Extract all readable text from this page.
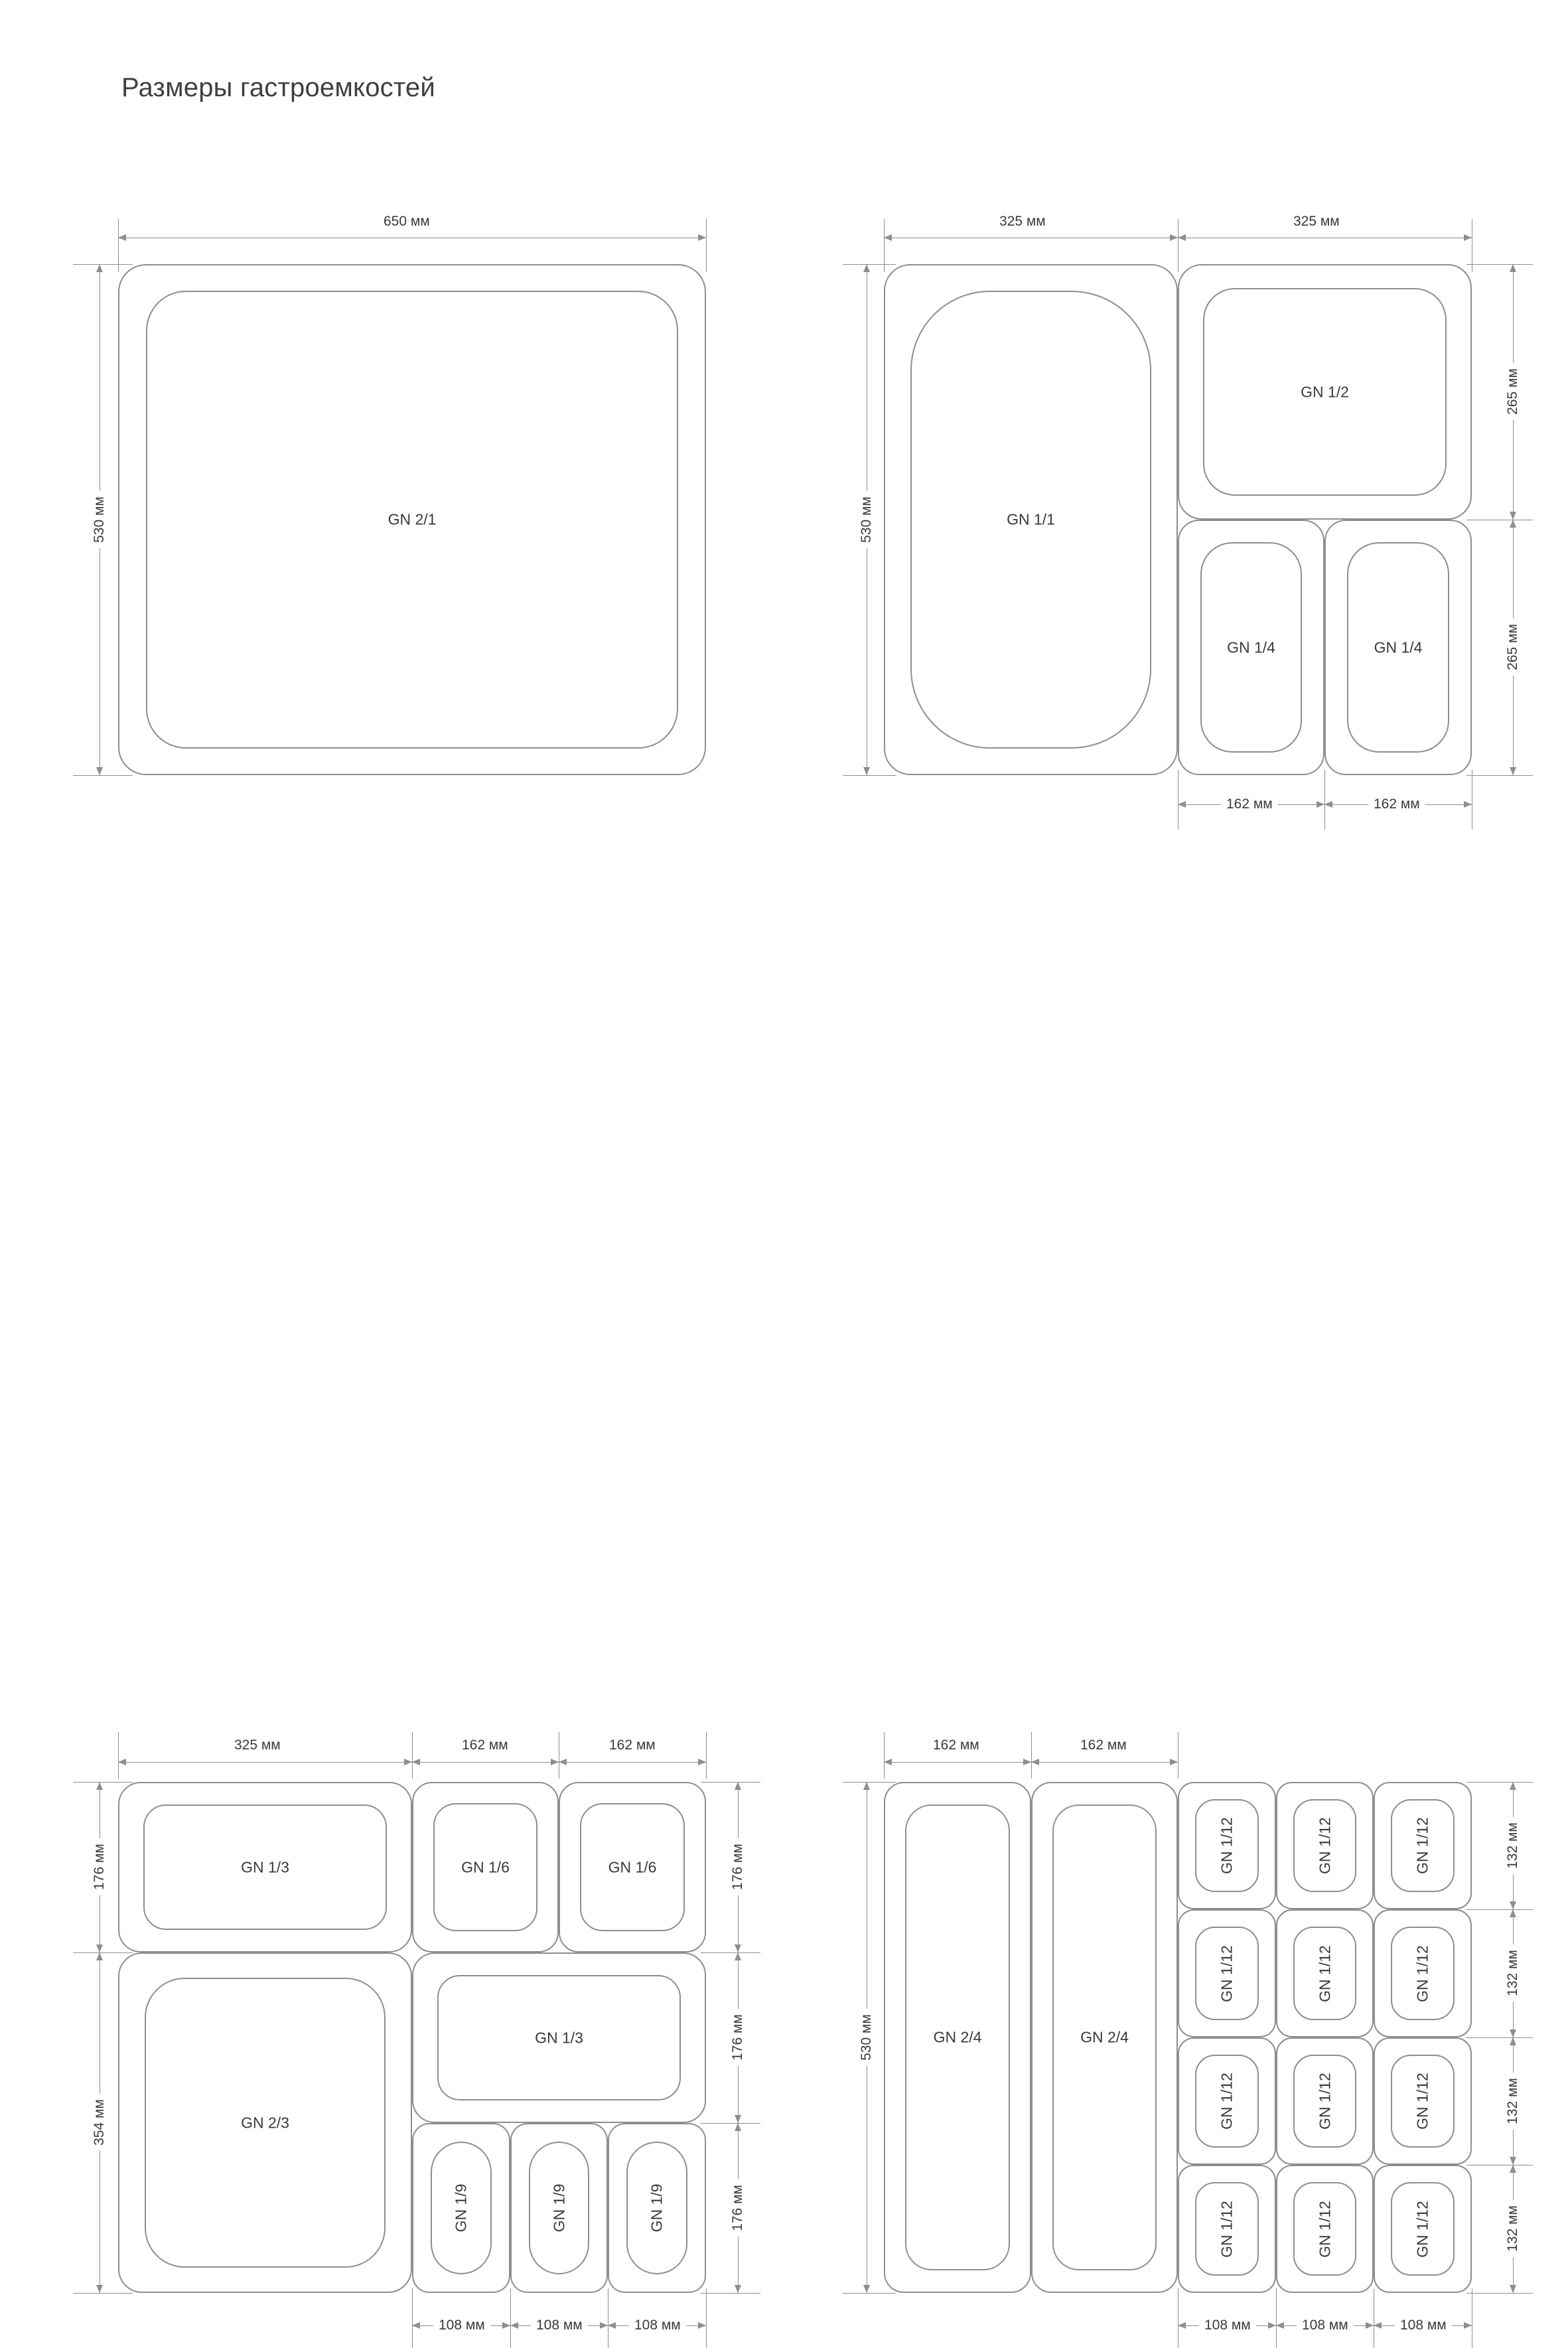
Размеры гастроемкостей
650 мм
530 мм	GN 2/1
325 мм	325 мм
530 мм
265 мм
265 мм
162 мм	162 мм
GN 1/1
GN 1/2
GN 1/4	GN 1/4
325 мм	162 мм	162 мм
176 мм
354 мм
176 мм
176 мм
176 мм
108 мм	108 мм	108 мм
GN 1/3	GN 1/6	GN 1/6
GN 2/3
GN 1/3
GN 1/9	GN 1/9	GN 1/9
162 мм	162 мм
530 мм
132 мм
132 мм
132 мм
132 мм
108 мм	108 мм	108 мм
GN 2/4	GN 2/4
GN 1/12	GN 1/12	GN 1/12
GN 1/12	GN 1/12	GN 1/12
GN 1/12	GN 1/12	GN 1/12
GN 1/12	GN 1/12	GN 1/12
